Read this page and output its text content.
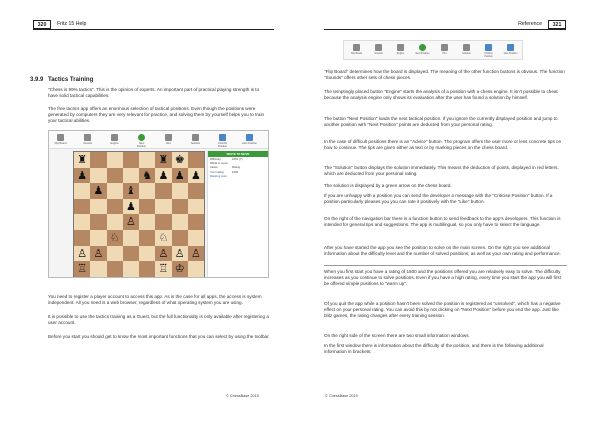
320	Fritz 15 Help
3.9.9 Tactics Training

"Chess is 99% tactics". This is the opinion of experts. An important part of practical playing strength is to have solid tactical capabilities.

The free tactics app offers an enormous selection of tactical positions. Even though the positions were generated by computers they are very relevant for practice, and solving them by yourself helps you to train your tactical abilities.

Flip Board	Sounds	Engine	Next Position
Hint	Solution	Criticize Position
Like Position
♜	♜ ♚
♟	♞ ♟ ♟ ♟
♟ ♝
♟
♙
♘	♘
♙ ♙	♙ ♙ ♙
♖	♖ ♔
WHITE TO MOVE
Difficulty:	1651 (?)
White to move
Views:	Rating
Your rating:	1600
Ranking Lists

You need to register a player account to access this app. As is the case for all apps, the access is system independent. All you need is a web browser, regardless of what operating system you are using.

It is possible to use the tactics training as a Guest, but the full functionality is only available after registering a user account.

Before you start you should get to know the most important functions that you can select by using the toolbar.

© ChessBase 2015
Reference	321
Flip Board	Sounds	Engine	Next Position	Hint	Solution	Criticize Position
Like Position

"Flip Board" determines how the board is displayed. The meaning of the other function buttons is obvious. The function "Sounds" offers other sets of chess pieces.

The temptingly placed button "Engine" starts the analysis of a position with a chess engine. It isn't possible to cheat because the analysis engine only shows its evaluation after the user has found a solution by himself.

The button "Next Position" loads the next tactical position. If you ignore the currently displayed position and jump to another position with "Next Position" points are deducted from your personal rating.

In the case of difficult positions there is an "Advice" button. The program offers the user more or less concrete tips on how to continue. The tips are given either as text or by marking pieces on the chess board.

The "Solution" button displays the solution immediately. This means the deduction of points, displayed in red letters, which are deducted from your personal rating.

The solution is displayed by a green arrow on the chess board.

If you are unhappy with a position you can send the developer a message with the "Criticise Position" button. If a position particularly pleases you you can rate it positively with the "Like" button.

On the right of the navigation bar there is a function button to send feedback to the app's developers. This function is intended for general tips and suggestions. The app is multilingual, so you only have to select the language.

After you have started the app you see the position to solve on the main screen. On the right you see additional information about the difficulty level and the number of solved positions, as well as your own rating and performance.

When you first start you have a rating of 1600 and the positions offered you are relatively easy to solve. The difficulty increases as you continue to solve positions. Even if you have a high rating, every time you start the app you will first be offered simple positions to "warm up".

Of you quit the app while a position hasn't been solved the position is registered as "unsolved", which has a negative effect on your personal rating. You can avoid this by not clicking on "Next Position" before you end the app. Just like blitz games, the rating changes after every training session.

On the right side of the screen there are two small information windows.

In the first window there is information about the difficulty of the position, and there is the following additional information in brackets:

© ChessBase 2015
